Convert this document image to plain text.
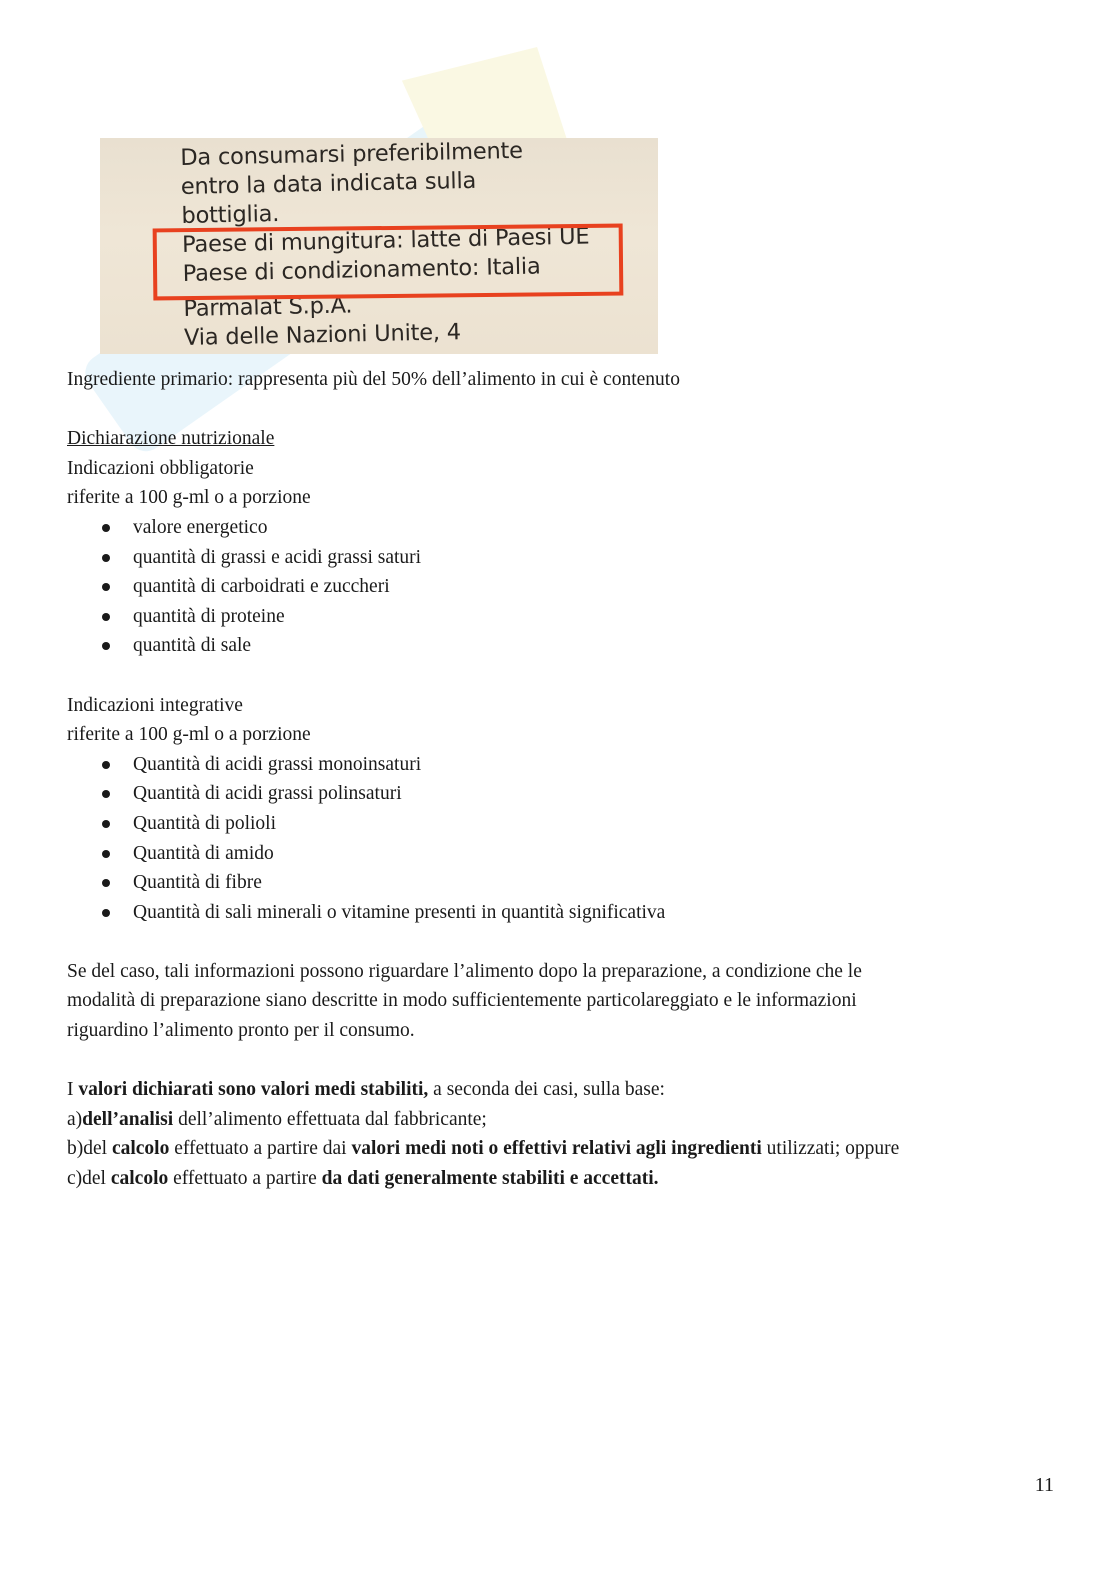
Da consumarsi preferibilmente
entro la data indicata sulla
bottiglia.
Paese di mungitura: latte di Paesi UE
Paese di condizionamento: Italia
Parmalat S.p.A.
Via delle Nazioni Unite, 4

Ingrediente primario: rappresenta più del 50% dell’alimento in cui è contenuto

Dichiarazione nutrizionale

Indicazioni obbligatorie

riferite a 100 g-ml o a porzione

valore energetico
quantità di grassi e acidi grassi saturi
quantità di carboidrati e zuccheri
quantità di proteine
quantità di sale

Indicazioni integrative

riferite a 100 g-ml o a porzione

Quantità di acidi grassi monoinsaturi
Quantità di acidi grassi polinsaturi
Quantità di polioli
Quantità di amido
Quantità di fibre
Quantità di sali minerali o vitamine presenti in quantità significativa

Se del caso, tali informazioni possono riguardare l’alimento dopo la preparazione, a condizione che le

modalità di preparazione siano descritte in modo sufficientemente particolareggiato e le informazioni

riguardino l’alimento pronto per il consumo.

I valori dichiarati sono valori medi stabiliti, a seconda dei casi, sulla base:

a)dell’analisi dell’alimento effettuata dal fabbricante;

b)del calcolo effettuato a partire dai valori medi noti o effettivi relativi agli ingredienti utilizzati; oppure

c)del calcolo effettuato a partire da dati generalmente stabiliti e accettati.

11
